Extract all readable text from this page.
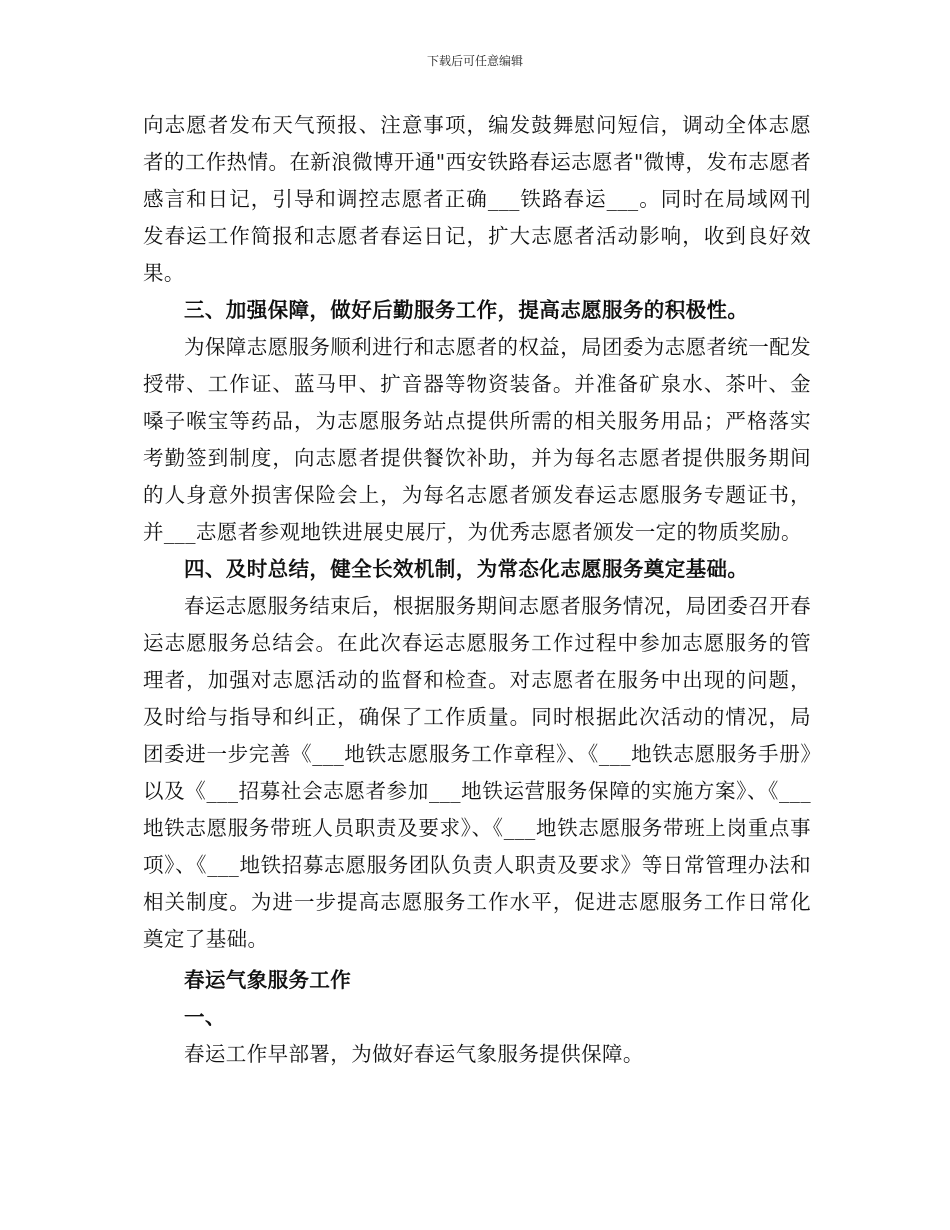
下载后可任意编辑

向志愿者发布天气预报、注意事项，编发鼓舞慰问短信，调动全体志愿者的工作热情。在新浪微博开通"西安铁路春运志愿者"微博，发布志愿者感言和日记，引导和调控志愿者正确___铁路春运___。同时在局域网刊发春运工作简报和志愿者春运日记，扩大志愿者活动影响，收到良好效果。

三、加强保障，做好后勤服务工作，提高志愿服务的积极性。

为保障志愿服务顺利进行和志愿者的权益，局团委为志愿者统一配发授带、工作证、蓝马甲、扩音器等物资装备。并准备矿泉水、茶叶、金嗓子喉宝等药品，为志愿服务站点提供所需的相关服务用品；严格落实考勤签到制度，向志愿者提供餐饮补助，并为每名志愿者提供服务期间的人身意外损害保险会上，为每名志愿者颁发春运志愿服务专题证书，并___志愿者参观地铁进展史展厅，为优秀志愿者颁发一定的物质奖励。

四、及时总结，健全长效机制，为常态化志愿服务奠定基础。

春运志愿服务结束后，根据服务期间志愿者服务情况，局团委召开春运志愿服务总结会。在此次春运志愿服务工作过程中参加志愿服务的管理者，加强对志愿活动的监督和检查。对志愿者在服务中出现的问题，及时给与指导和纠正，确保了工作质量。同时根据此次活动的情况，局团委进一步完善《___地铁志愿服务工作章程》、《___地铁志愿服务手册》以及《___招募社会志愿者参加___地铁运营服务保障的实施方案》、《___地铁志愿服务带班人员职责及要求》、《___地铁志愿服务带班上岗重点事项》、《___地铁招募志愿服务团队负责人职责及要求》等日常管理办法和相关制度。为进一步提高志愿服务工作水平，促进志愿服务工作日常化奠定了基础。

春运气象服务工作

一、

春运工作早部署，为做好春运气象服务提供保障。
